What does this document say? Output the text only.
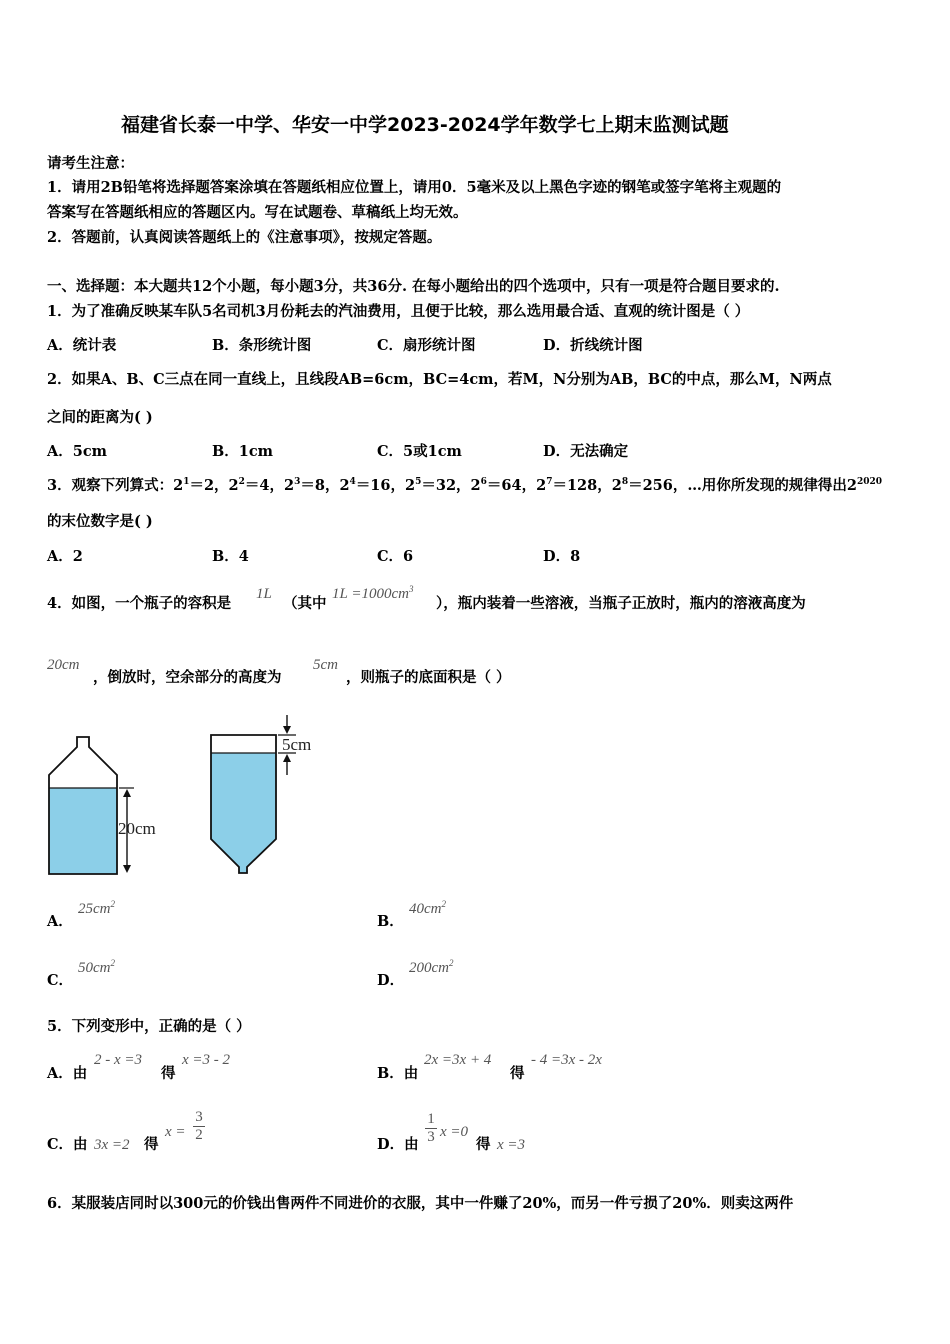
福建省长泰一中学、华安一中学2023-2024学年数学七上期末监测试题
请考生注意：
1．请用2B铅笔将选择题答案涂填在答题纸相应位置上，请用0．5毫米及以上黑色字迹的钢笔或签字笔将主观题的
答案写在答题纸相应的答题区内。写在试题卷、草稿纸上均无效。
2．答题前，认真阅读答题纸上的《注意事项》，按规定答题。
一、选择题：本大题共12个小题，每小题3分，共36分. 在每小题给出的四个选项中，只有一项是符合题目要求的.
1．为了准确反映某车队5名司机3月份耗去的汽油费用，且便于比较，那么选用最合适、直观的统计图是（ ）
A．统计表	B．条形统计图	C．扇形统计图	D．折线统计图
2．如果A、B、C三点在同一直线上，且线段AB=6cm，BC=4cm，若M，N分别为AB，BC的中点，那么M，N两点
之间的距离为( )
A．5cm	B．1cm	C．5或1cm	D．无法确定
3．观察下列算式：$2^1=2$，$2^2=4$，$2^3=8$，$2^4=16$，$2^5=32$，$2^6=64$，$2^7=128$，$2^8=256$，…用你所发现的规律得出$2^{2020}$
的末位数字是( )
A．2	B．4	C．6	D．8
4．如图，一个瓶子的容积是
1L
（其中
$1L =1000cm^3$
），瓶内装着一些溶液，当瓶子正放时，瓶内的溶液高度为
20cm
，倒放时，空余部分的高度为
5cm
，则瓶子的底面积是（ ）
20cm
5cm
A．
$25cm^2$
B．
$40cm^2$
C．
$50cm^2$
D．
$200cm^2$
5．下列变形中，正确的是（ ）
A．由
2 - x =3
得
x =3 - 2
B．由
2x =3x + 4
得
- 4 =3x - 2x
C．由 3x =2 得
x =
3
2
D．由
1
3 x =0
得 x =3
6．某服装店同时以300元的价钱出售两件不同进价的衣服，其中一件赚了20%，而另一件亏损了20%．则卖这两件
